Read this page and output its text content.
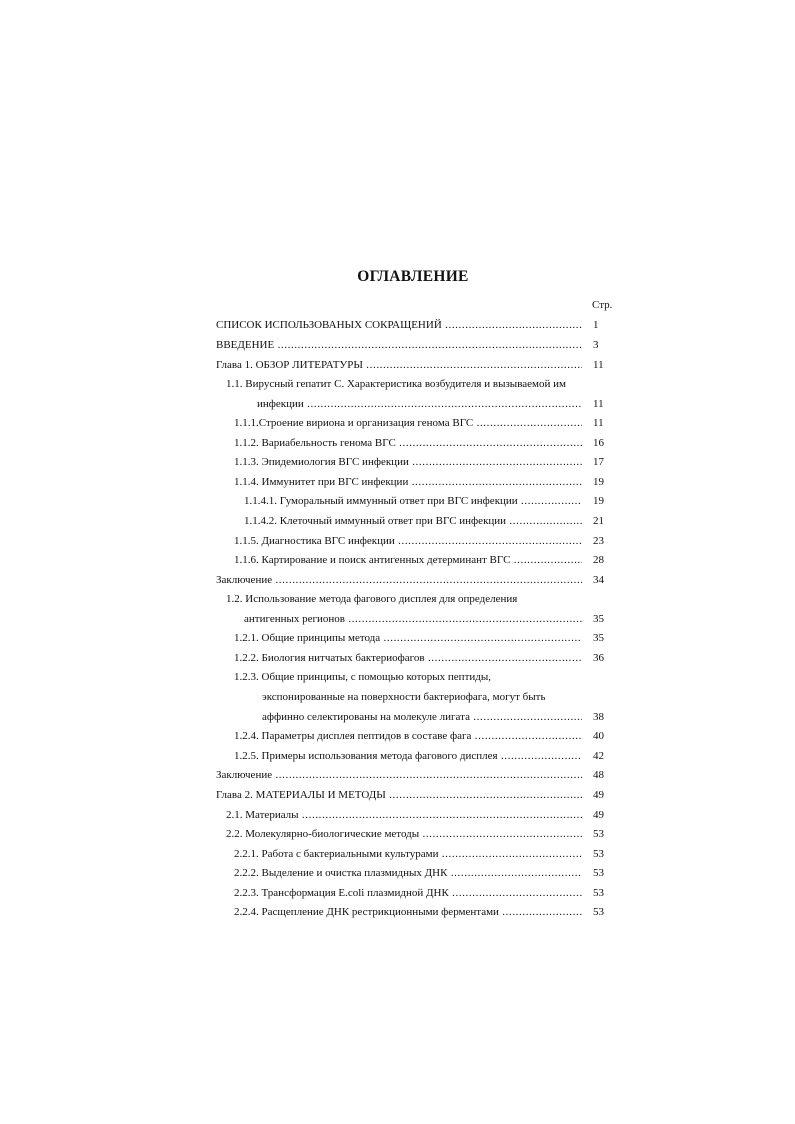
ОГЛАВЛЕНИЕ
Стр.
СПИСОК ИСПОЛЬЗОВАНЫХ СОКРАЩЕНИЙ .....	1
ВВЕДЕНИЕ .....	3
Глава 1. ОБЗОР ЛИТЕРАТУРЫ .....	11
1.1. Вирусный гепатит С. Характеристика возбудителя и вызываемой им
инфекции .....	11
1.1.1.Строение вириона и организация генома ВГС .....	11
1.1.2. Вариабельность генома ВГС .....	16
1.1.3. Эпидемиология ВГС инфекции .....	17
1.1.4. Иммунитет при ВГС инфекции .....	19
1.1.4.1. Гуморальный иммунный ответ при ВГС инфекции .....	19
1.1.4.2. Клеточный иммунный ответ при ВГС инфекции .....	21
1.1.5. Диагностика ВГС инфекции .....	23
1.1.6. Картирование и поиск антигенных детерминант ВГС .....	28
Заключение .....	34
1.2. Использование метода фагового дисплея для определения
антигенных регионов .....	35
1.2.1. Общие принципы метода .....	35
1.2.2. Биология нитчатых бактериофагов .....	36
1.2.3. Общие принципы, с помощью которых пептиды,
экспонированные на поверхности бактериофага, могут быть
аффинно селектированы на молекуле лигата .....	38
1.2.4. Параметры дисплея пептидов в составе фага .....	40
1.2.5. Примеры использования метода фагового дисплея .....	42
Заключение .....	48
Глава 2. МАТЕРИАЛЫ И МЕТОДЫ .....	49
2.1. Материалы .....	49
2.2. Молекулярно-биологические методы .....	53
2.2.1. Работа с бактериальными культурами .....	53
2.2.2. Выделение и очистка плазмидных ДНК .....	53
2.2.3. Трансформация E.coli плазмидной ДНК .....	53
2.2.4. Расщепление ДНК рестрикционными ферментами .....	53
